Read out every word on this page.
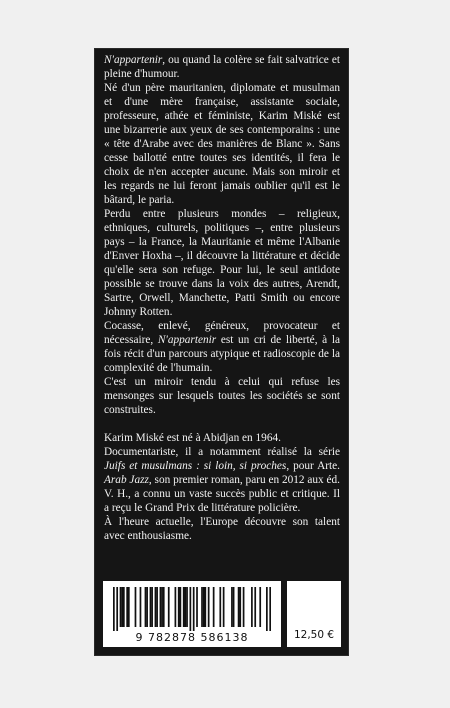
N'appartenir, ou quand la colère se fait salvatrice et pleine d'humour.

Né d'un père mauritanien, diplomate et musulman et d'une mère française, assistante sociale, professeure, athée et féministe, Karim Miské est une bizarrerie aux yeux de ses contemporains : une « tête d'Arabe avec des manières de Blanc ». Sans cesse ballotté entre toutes ses identités, il fera le choix de n'en accepter aucune. Mais son miroir et les regards ne lui feront jamais oublier qu'il est le bâtard, le paria.

Perdu entre plusieurs mondes – religieux, ethniques, culturels, politiques –, entre plusieurs pays – la France, la Mauritanie et même l'Albanie d'Enver Hoxha –, il découvre la littérature et décide qu'elle sera son refuge. Pour lui, le seul antidote possible se trouve dans la voix des autres, Arendt, Sartre, Orwell, Manchette, Patti Smith ou encore Johnny Rotten.

Cocasse, enlevé, généreux, provocateur et nécessaire, N'appartenir est un cri de liberté, à la fois récit d'un parcours atypique et radioscopie de la complexité de l'humain.

C'est un miroir tendu à celui qui refuse les mensonges sur lesquels toutes les sociétés se sont construites.

Karim Miské est né à Abidjan en 1964.

Documentariste, il a notamment réalisé la série Juifs et musulmans : si loin, si proches, pour Arte. Arab Jazz, son premier roman, paru en 2012 aux éd. V. H., a connu un vaste succès public et critique. Il a reçu le Grand Prix de littérature policière.

À l'heure actuelle, l'Europe découvre son talent avec enthousiasme.

9 782878 586138	12,50 €
